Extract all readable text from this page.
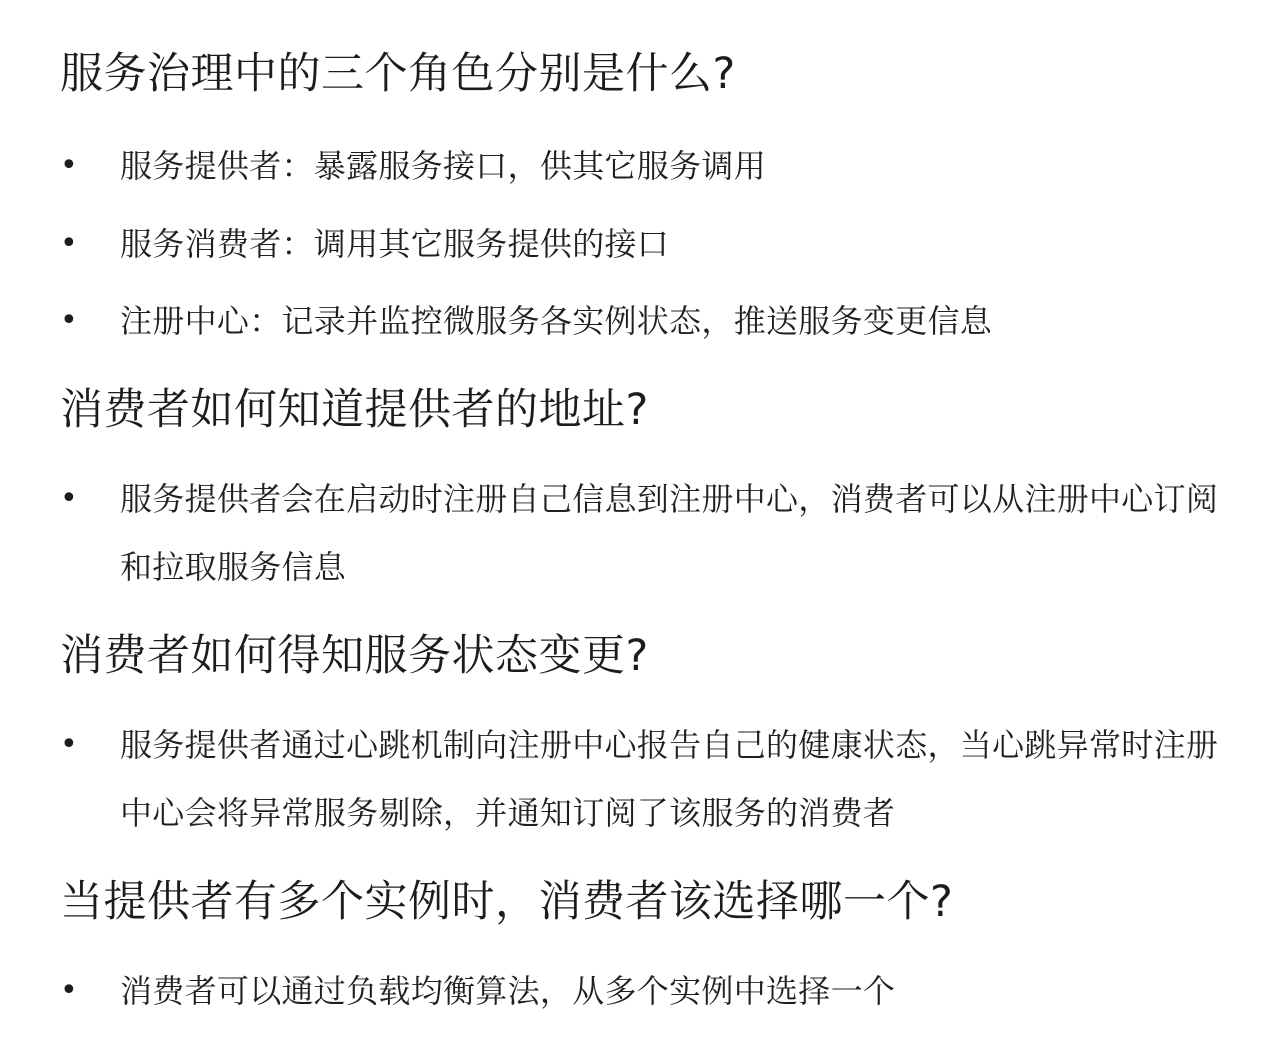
服务治理中的三个角色分别是什么?
•	服务提供者：暴露服务接口，供其它服务调用
•	服务消费者：调用其它服务提供的接口
•	注册中心：记录并监控微服务各实例状态，推送服务变更信息
消费者如何知道提供者的地址?
•	服务提供者会在启动时注册自己信息到注册中心，消费者可以从注册中心订阅和拉取服务信息
消费者如何得知服务状态变更?
•	服务提供者通过心跳机制向注册中心报告自己的健康状态，当心跳异常时注册中心会将异常服务剔除，并通知订阅了该服务的消费者
当提供者有多个实例时，消费者该选择哪一个?
•	消费者可以通过负载均衡算法，从多个实例中选择一个
